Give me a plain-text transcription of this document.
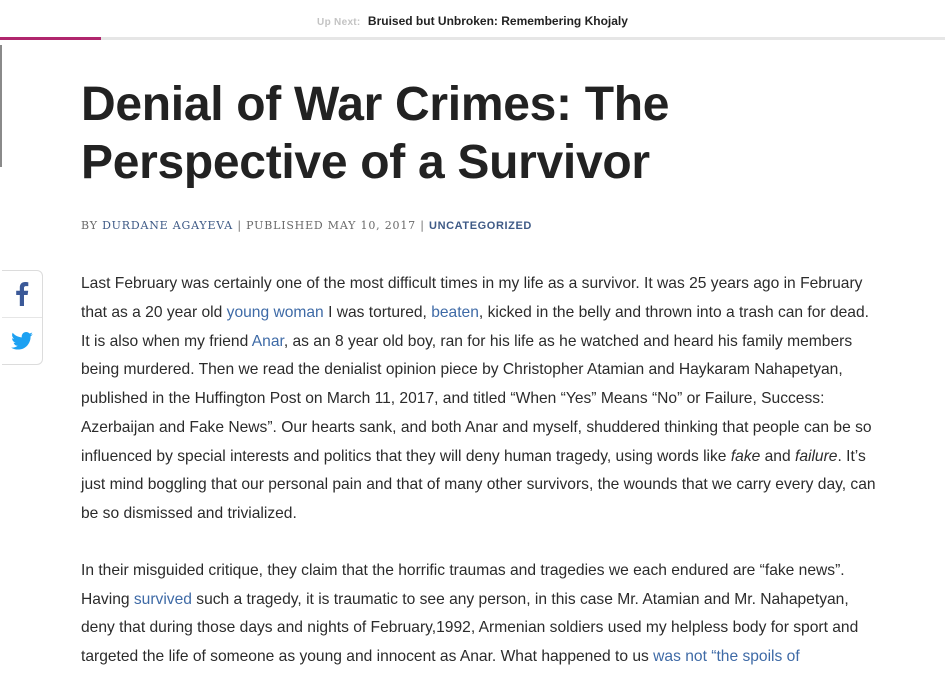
Up Next: Bruised but Unbroken: Remembering Khojaly
Denial of War Crimes: The
Perspective of a Survivor
BY DURDANE AGAYEVA | PUBLISHED MAY 10, 2017 | UNCATEGORIZED

Last February was certainly one of the most difficult times in my life as a survivor. It was 25 years ago in February that as a 20 year old young woman I was tortured, beaten, kicked in the belly and thrown into a trash can for dead. It is also when my friend Anar, as an 8 year old boy, ran for his life as he watched and heard his family members being murdered. Then we read the denialist opinion piece by Christopher Atamian and Haykaram Nahapetyan, published in the Huffington Post on March 11, 2017, and titled “When “Yes” Means “No” or Failure, Success: Azerbaijan and Fake News”. Our hearts sank, and both Anar and myself, shuddered thinking that people can be so influenced by special interests and politics that they will deny human tragedy, using words like fake and failure. It’s just mind boggling that our personal pain and that of many other survivors, the wounds that we carry every day, can be so dismissed and trivialized.

In their misguided critique, they claim that the horrific traumas and tragedies we each endured are “fake news”. Having survived such a tragedy, it is traumatic to see any person, in this case Mr. Atamian and Mr. Nahapetyan, deny that during those days and nights of February,1992, Armenian soldiers used my helpless body for sport and targeted the life of someone as young and innocent as Anar. What happened to us was not “the spoils of
